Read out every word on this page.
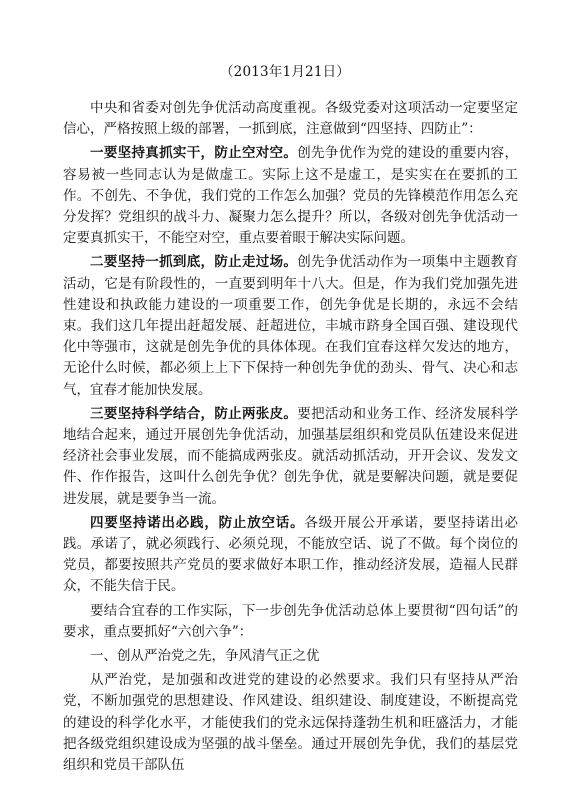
（2013年1月21日）

中央和省委对创先争优活动高度重视。各级党委对这项活动一定要坚定信心，严格按照上级的部署，一抓到底，注意做到“四坚持、四防止”：

一要坚持真抓实干，防止空对空。创先争优作为党的建设的重要内容，容易被一些同志认为是做虚工。实际上这不是虚工，是实实在在要抓的工作。不创先、不争优，我们党的工作怎么加强？党员的先锋模范作用怎么充分发挥？党组织的战斗力、凝聚力怎么提升？所以，各级对创先争优活动一定要真抓实干，不能空对空，重点要着眼于解决实际问题。

二要坚持一抓到底，防止走过场。创先争优活动作为一项集中主题教育活动，它是有阶段性的，一直要到明年十八大。但是，作为我们党加强先进性建设和执政能力建设的一项重要工作，创先争优是长期的，永远不会结束。我们这几年提出赶超发展、赶超进位，丰城市跻身全国百强、建设现代化中等强市，这就是创先争优的具体体现。在我们宜春这样欠发达的地方，无论什么时候，都必须上上下下保持一种创先争优的劲头、骨气、决心和志气，宜春才能加快发展。

三要坚持科学结合，防止两张皮。要把活动和业务工作、经济发展科学地结合起来，通过开展创先争优活动，加强基层组织和党员队伍建设来促进经济社会事业发展，而不能搞成两张皮。就活动抓活动，开开会议、发发文件、作作报告，这叫什么创先争优？创先争优，就是要解决问题，就是要促进发展，就是要争当一流。

四要坚持诺出必践，防止放空话。各级开展公开承诺，要坚持诺出必践。承诺了，就必须践行、必须兑现，不能放空话、说了不做。每个岗位的党员，都要按照共产党员的要求做好本职工作，推动经济发展，造福人民群众，不能失信于民。

要结合宜春的工作实际，下一步创先争优活动总体上要贯彻“四句话”的要求，重点要抓好“六创六争”：

一、创从严治党之先，争风清气正之优

从严治党，是加强和改进党的建设的必然要求。我们只有坚持从严治党，不断加强党的思想建设、作风建设、组织建设、制度建设，不断提高党的建设的科学化水平，才能使我们的党永远保持蓬勃生机和旺盛活力，才能把各级党组织建设成为坚强的战斗堡垒。通过开展创先争优，我们的基层党组织和党员干部队伍
